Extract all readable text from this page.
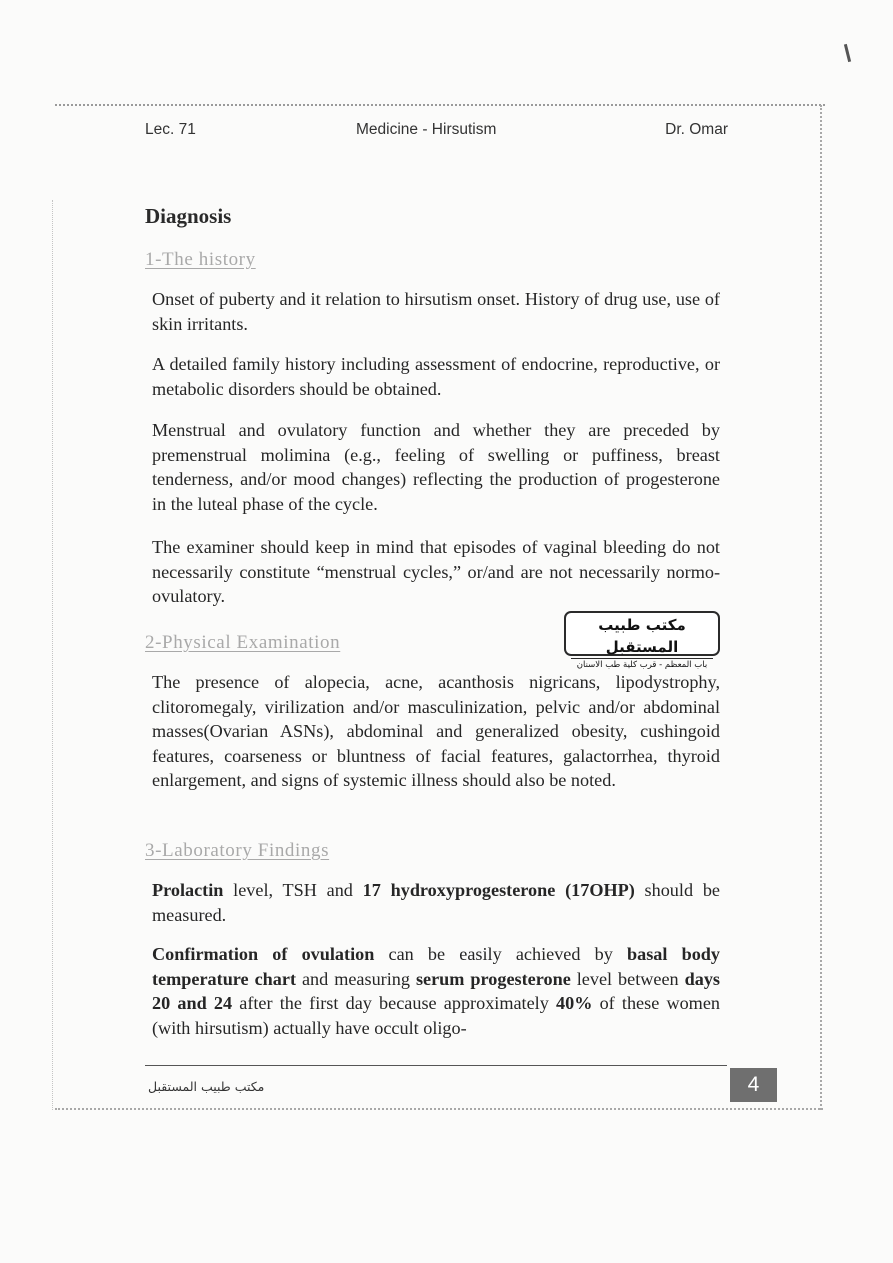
Lec. 71	Medicine - Hirsutism	Dr. Omar
Diagnosis
1-The history

Onset of puberty and it relation to hirsutism onset. History of drug use, use of skin irritants.

A detailed family history including assessment of endocrine, reproductive, or metabolic disorders should be obtained.

Menstrual and ovulatory function and whether they are preceded by premenstrual molimina (e.g., feeling of swelling or puffiness, breast tenderness, and/or mood changes) reflecting the production of progesterone in the luteal phase of the cycle.

The examiner should keep in mind that episodes of vaginal bleeding do not necessarily constitute “menstrual cycles,” or/and are not necessarily normo-ovulatory.

2-Physical Examination
مكتب طبيب المستقبل
باب المعظم - قرب كلية طب الاسنان

The presence of alopecia, acne, acanthosis nigricans, lipodystrophy, clitoromegaly, virilization and/or masculinization, pelvic and/or abdominal masses(Ovarian ASNs), abdominal and generalized obesity, cushingoid features, coarseness or bluntness of facial features, galactorrhea, thyroid enlargement, and signs of systemic illness should also be noted.

3-Laboratory Findings

Prolactin level, TSH and 17 hydroxyprogesterone (17OHP) should be measured.

Confirmation of ovulation can be easily achieved by basal body temperature chart and measuring serum progesterone level between days 20 and 24 after the first day because approximately 40% of these women (with hirsutism) actually have occult oligo-

مكتب طبيب المستقبل	4
